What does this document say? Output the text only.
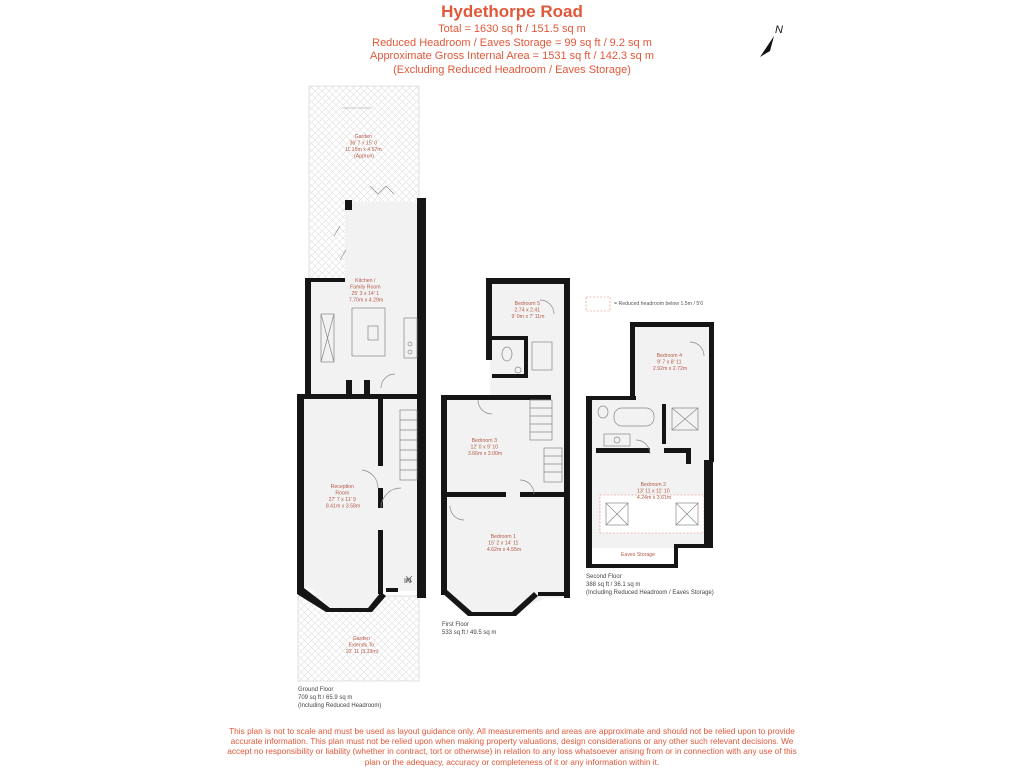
Hydethorpe Road
Total = 1630 sq ft / 151.5 sq m
Reduced Headroom / Eaves Storage = 99 sq ft / 9.2 sq m
Approximate Gross Internal Area = 1531 sq ft / 142.3 sq m
(Excluding Reduced Headroom / Eaves Storage)
N
IN
Garden 36' 7 x 15' 0 11.15m x 4.57m (Approx)
Kitchen / Family Room 25' 3 x 14' 1 7.70m x 4.29m
Reception Room 27' 7 x 11' 9 8.41m x 3.58m
Garden Extends To 10' 11 (3.33m)
Ground Floor 709 sq ft / 65.9 sq m (Including Reduced Headroom)
Bedroom 5 2.74 x 2.41 9' 0m x 7' 11m
Bedroom 3 12' 0 x 9' 10 3.66m x 3.00m
Bedroom 1 15' 2 x 14' 11 4.62m x 4.55m
First Floor 533 sq ft / 49.5 sq m
= Reduced headroom below 1.5m / 5'0
Bedroom 4 9' 7 x 8' 11 2.92m x 2.72m
Bedroom 2 13' 11 x 11' 10 4.24m x 3.61m
Eaves Storage
Second Floor 388 sq ft / 36.1 sq m (Including Reduced Headroom / Eaves Storage)
This plan is not to scale and must be used as layout guidance only. All measurements and areas are approximate and should not be relied upon to provide accurate information. This plan must not be relied upon when making property valuations, design considerations or any other such relevant decisions. We accept no responsibility or liability (whether in contract, tort or otherwise) in relation to any loss whatsoever arising from or in connection with any use of this plan or the adequacy, accuracy or completeness of it or any information within it.
